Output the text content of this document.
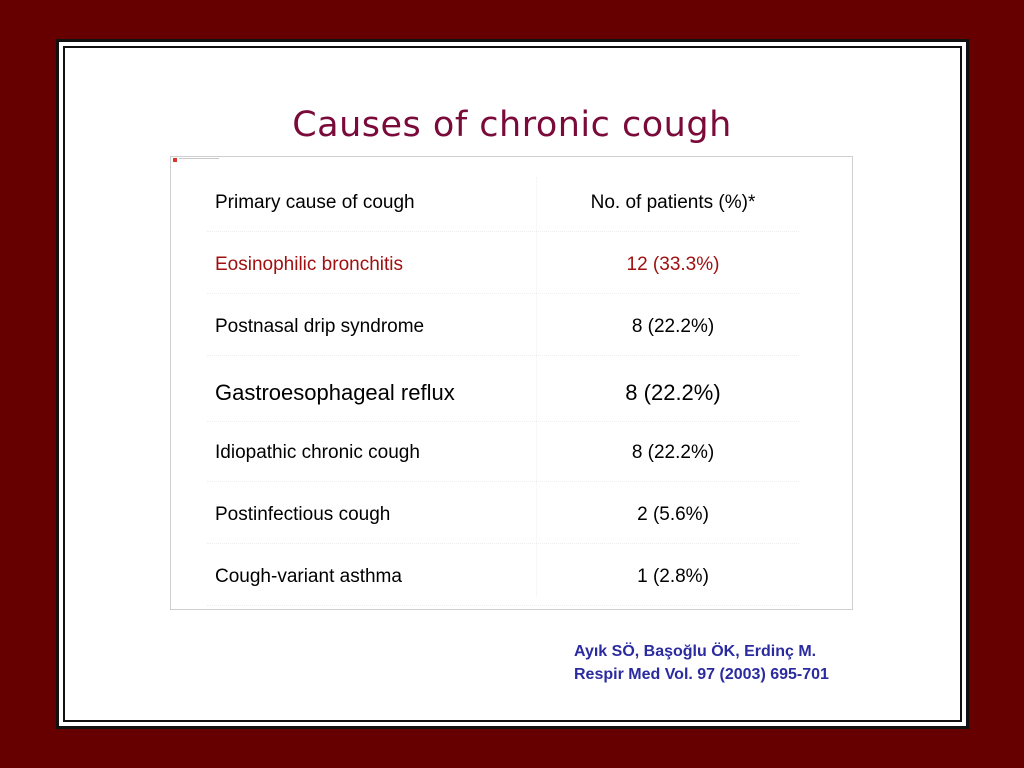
Causes of chronic cough
Primary cause of cough	No. of patients (%)*
Eosinophilic bronchitis	12 (33.3%)
Postnasal drip syndrome	8 (22.2%)
Gastroesophageal reflux	8 (22.2%)
Idiopathic chronic cough	8 (22.2%)
Postinfectious cough	2 (5.6%)
Cough-variant asthma	1 (2.8%)
Ayık SÖ, Başoğlu ÖK, Erdinç M.
Respir Med Vol. 97 (2003) 695-701
